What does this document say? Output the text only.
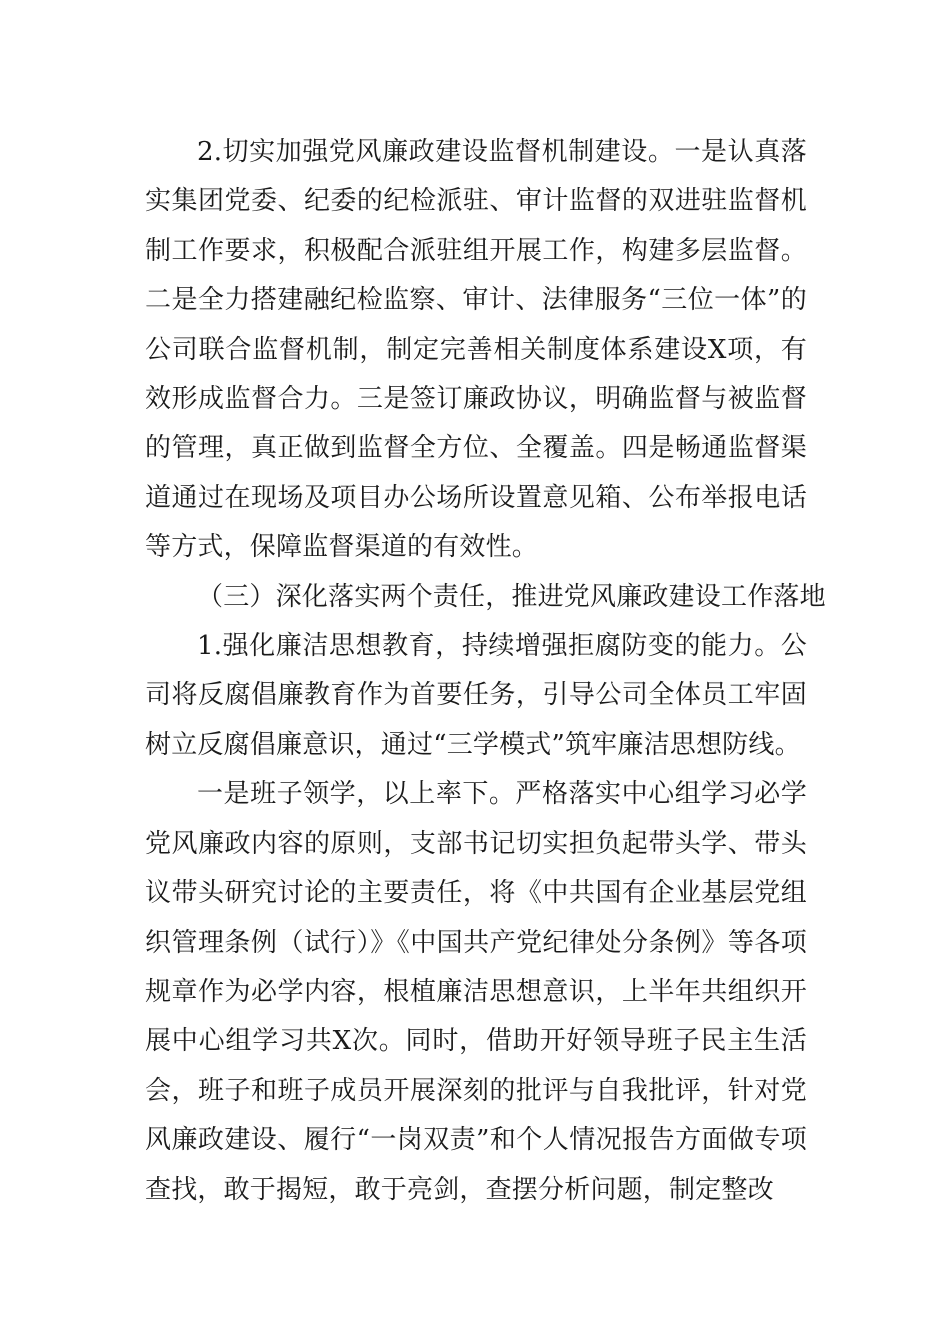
2.切实加强党风廉政建设监督机制建设。一是认真落实集团党委、纪委的纪检派驻、审计监督的双进驻监督机制工作要求，积极配合派驻组开展工作，构建多层监督。二是全力搭建融纪检监察、审计、法律服务“三位一体”的公司联合监督机制，制定完善相关制度体系建设X项，有效形成监督合力。三是签订廉政协议，明确监督与被监督的管理，真正做到监督全方位、全覆盖。四是畅通监督渠道通过在现场及项目办公场所设置意见箱、公布举报电话等方式，保障监督渠道的有效性。

（三）深化落实两个责任，推进党风廉政建设工作落地

1.强化廉洁思想教育，持续增强拒腐防变的能力。公司将反腐倡廉教育作为首要任务，引导公司全体员工牢固树立反腐倡廉意识，通过“三学模式”筑牢廉洁思想防线。

一是班子领学，以上率下。严格落实中心组学习必学党风廉政内容的原则，支部书记切实担负起带头学、带头议带头研究讨论的主要责任，将《中共国有企业基层党组织管理条例（试行）》《中国共产党纪律处分条例》等各项规章作为必学内容，根植廉洁思想意识，上半年共组织开展中心组学习共X次。同时，借助开好领导班子民主生活会，班子和班子成员开展深刻的批评与自我批评，针对党风廉政建设、履行“一岗双责”和个人情况报告方面做专项查找，敢于揭短，敢于亮剑，查摆分析问题，制定整改
